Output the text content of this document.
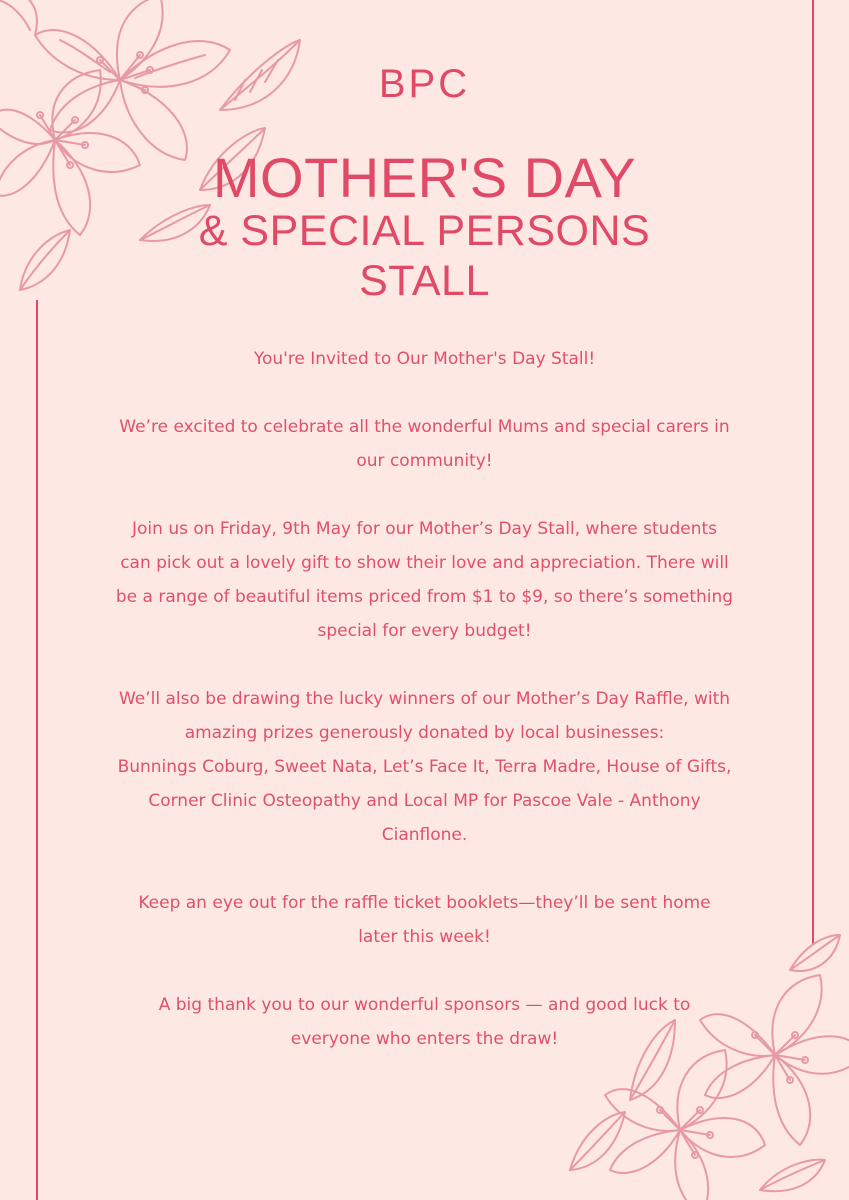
BPC
MOTHER'S DAY
& SPECIAL PERSONS
STALL

You're Invited to Our Mother's Day Stall!

We’re excited to celebrate all the wonderful Mums and special carers in
our community!

Join us on Friday, 9th May for our Mother’s Day Stall, where students
can pick out a lovely gift to show their love and appreciation. There will
be a range of beautiful items priced from $1 to $9, so there’s something
special for every budget!

We’ll also be drawing the lucky winners of our Mother’s Day Raffle, with
amazing prizes generously donated by local businesses:
Bunnings Coburg, Sweet Nata, Let’s Face It, Terra Madre, House of Gifts,
Corner Clinic Osteopathy and Local MP for Pascoe Vale - Anthony
Cianflone.

Keep an eye out for the raffle ticket booklets—they’ll be sent home
later this week!

A big thank you to our wonderful sponsors — and good luck to
everyone who enters the draw!
